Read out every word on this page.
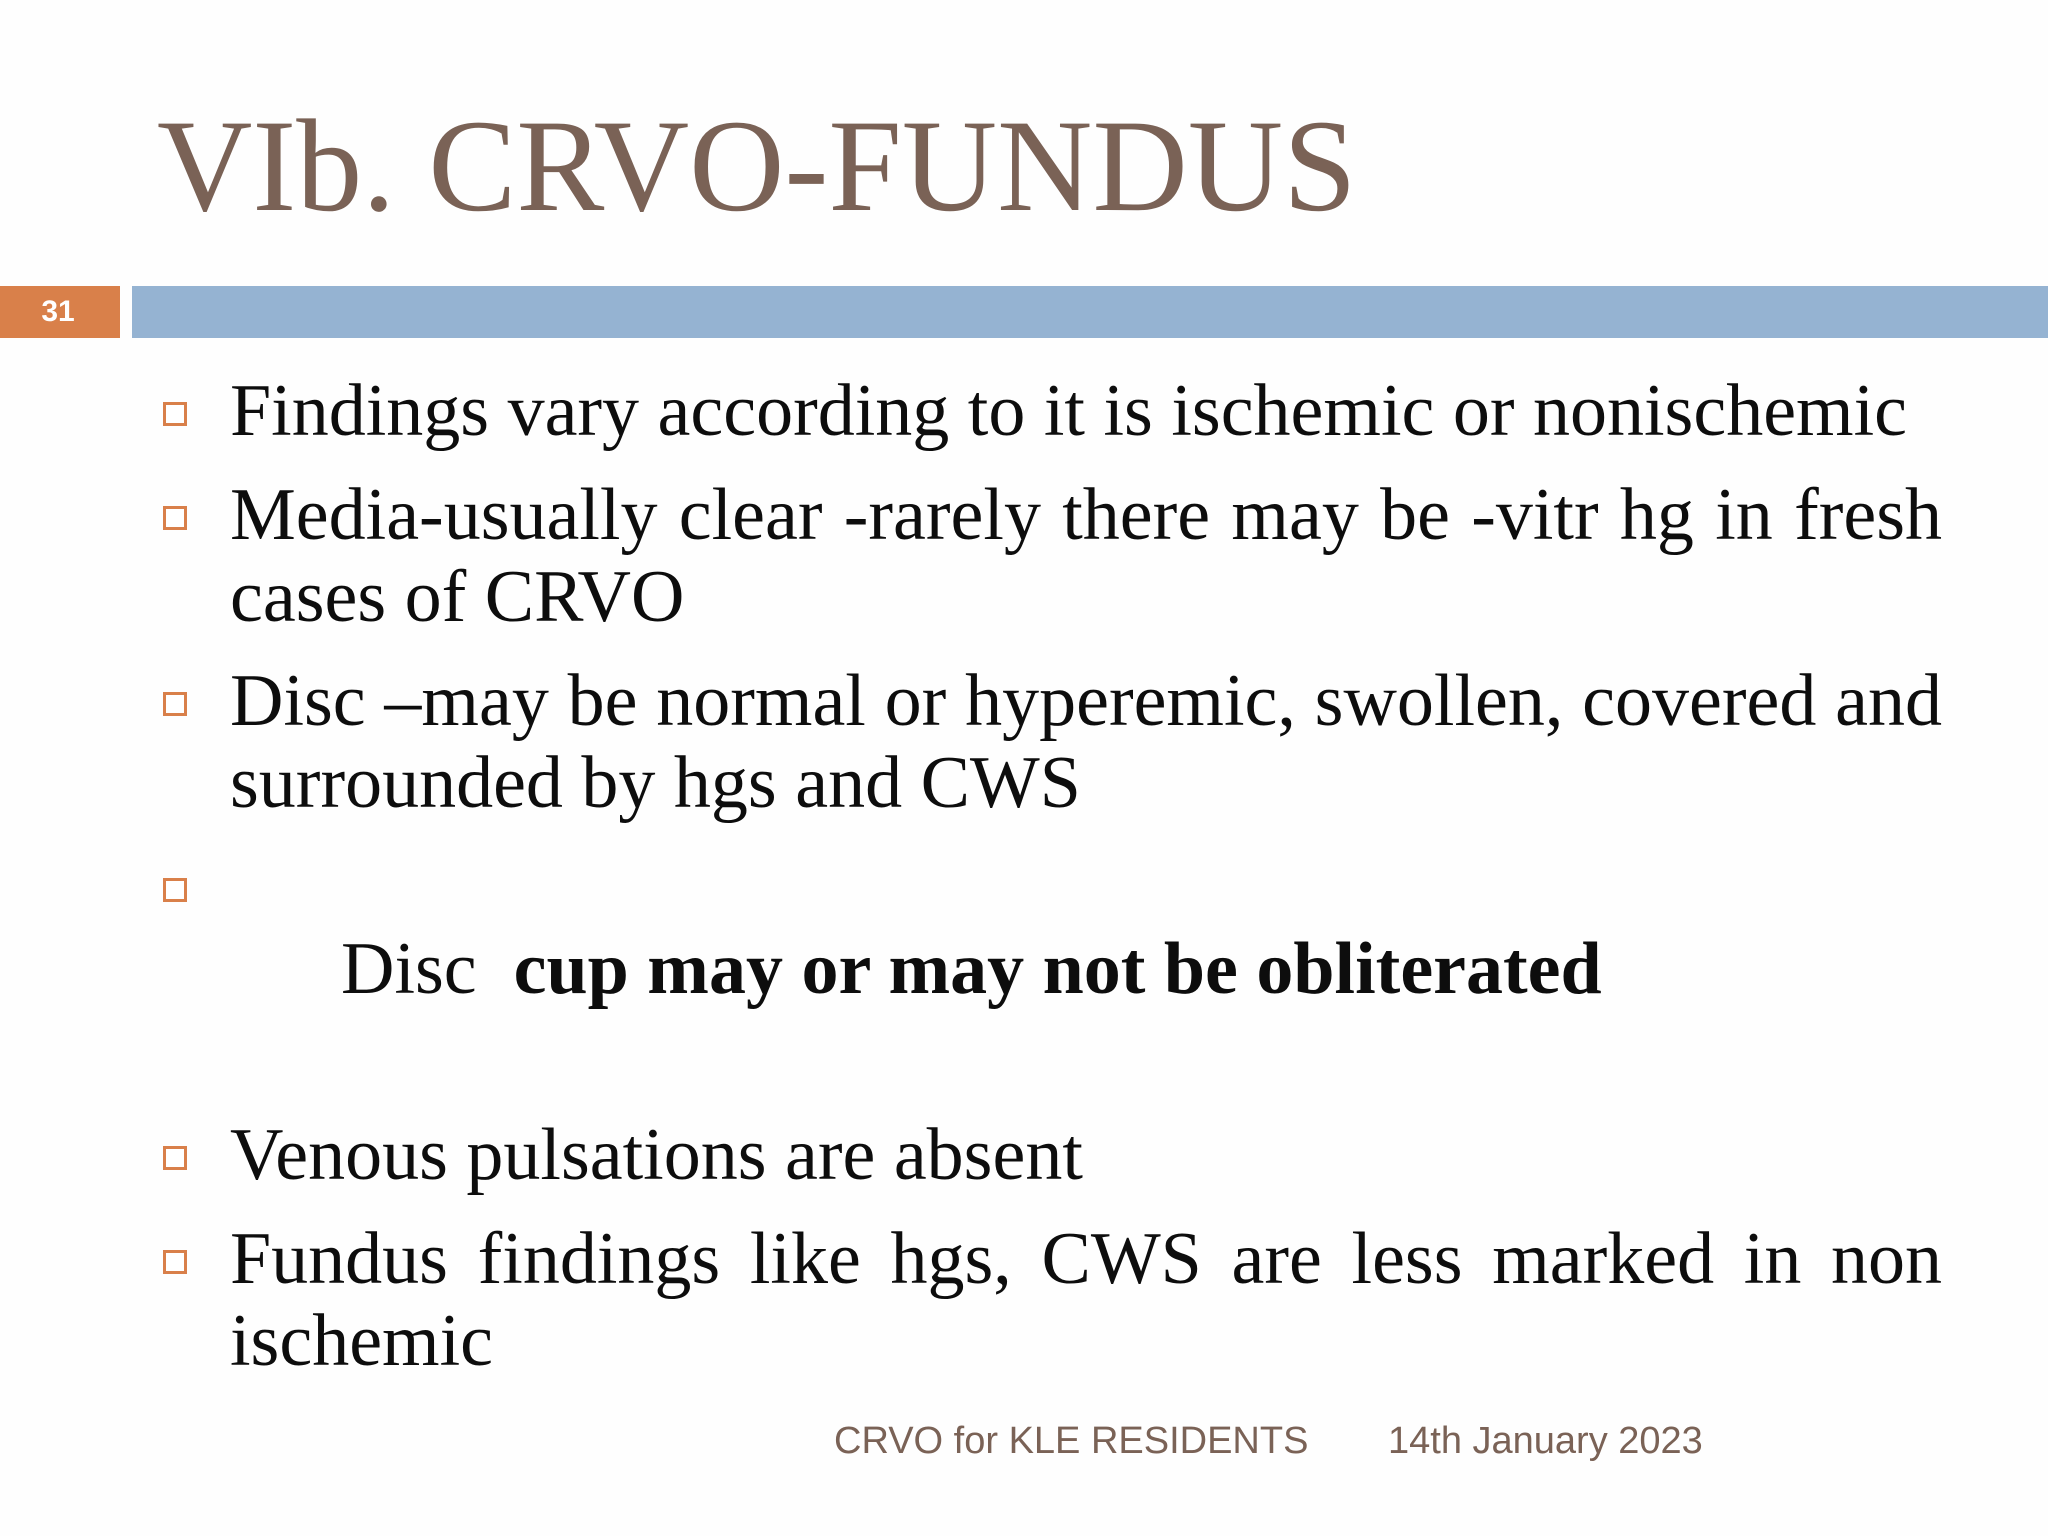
VIb. CRVO-FUNDUS
31
Findings vary according to it is ischemic or nonischemic
Media-usually clear -rarely there may be -vitr hg in fresh cases of CRVO
Disc –may be normal or hyperemic, swollen, covered and surrounded by hgs and CWS

Disc  cup may or may not be obliterated

Venous pulsations are absent
Fundus findings like hgs, CWS are less marked in non ischemic
CRVO for KLE RESIDENTS 14th January 2023
